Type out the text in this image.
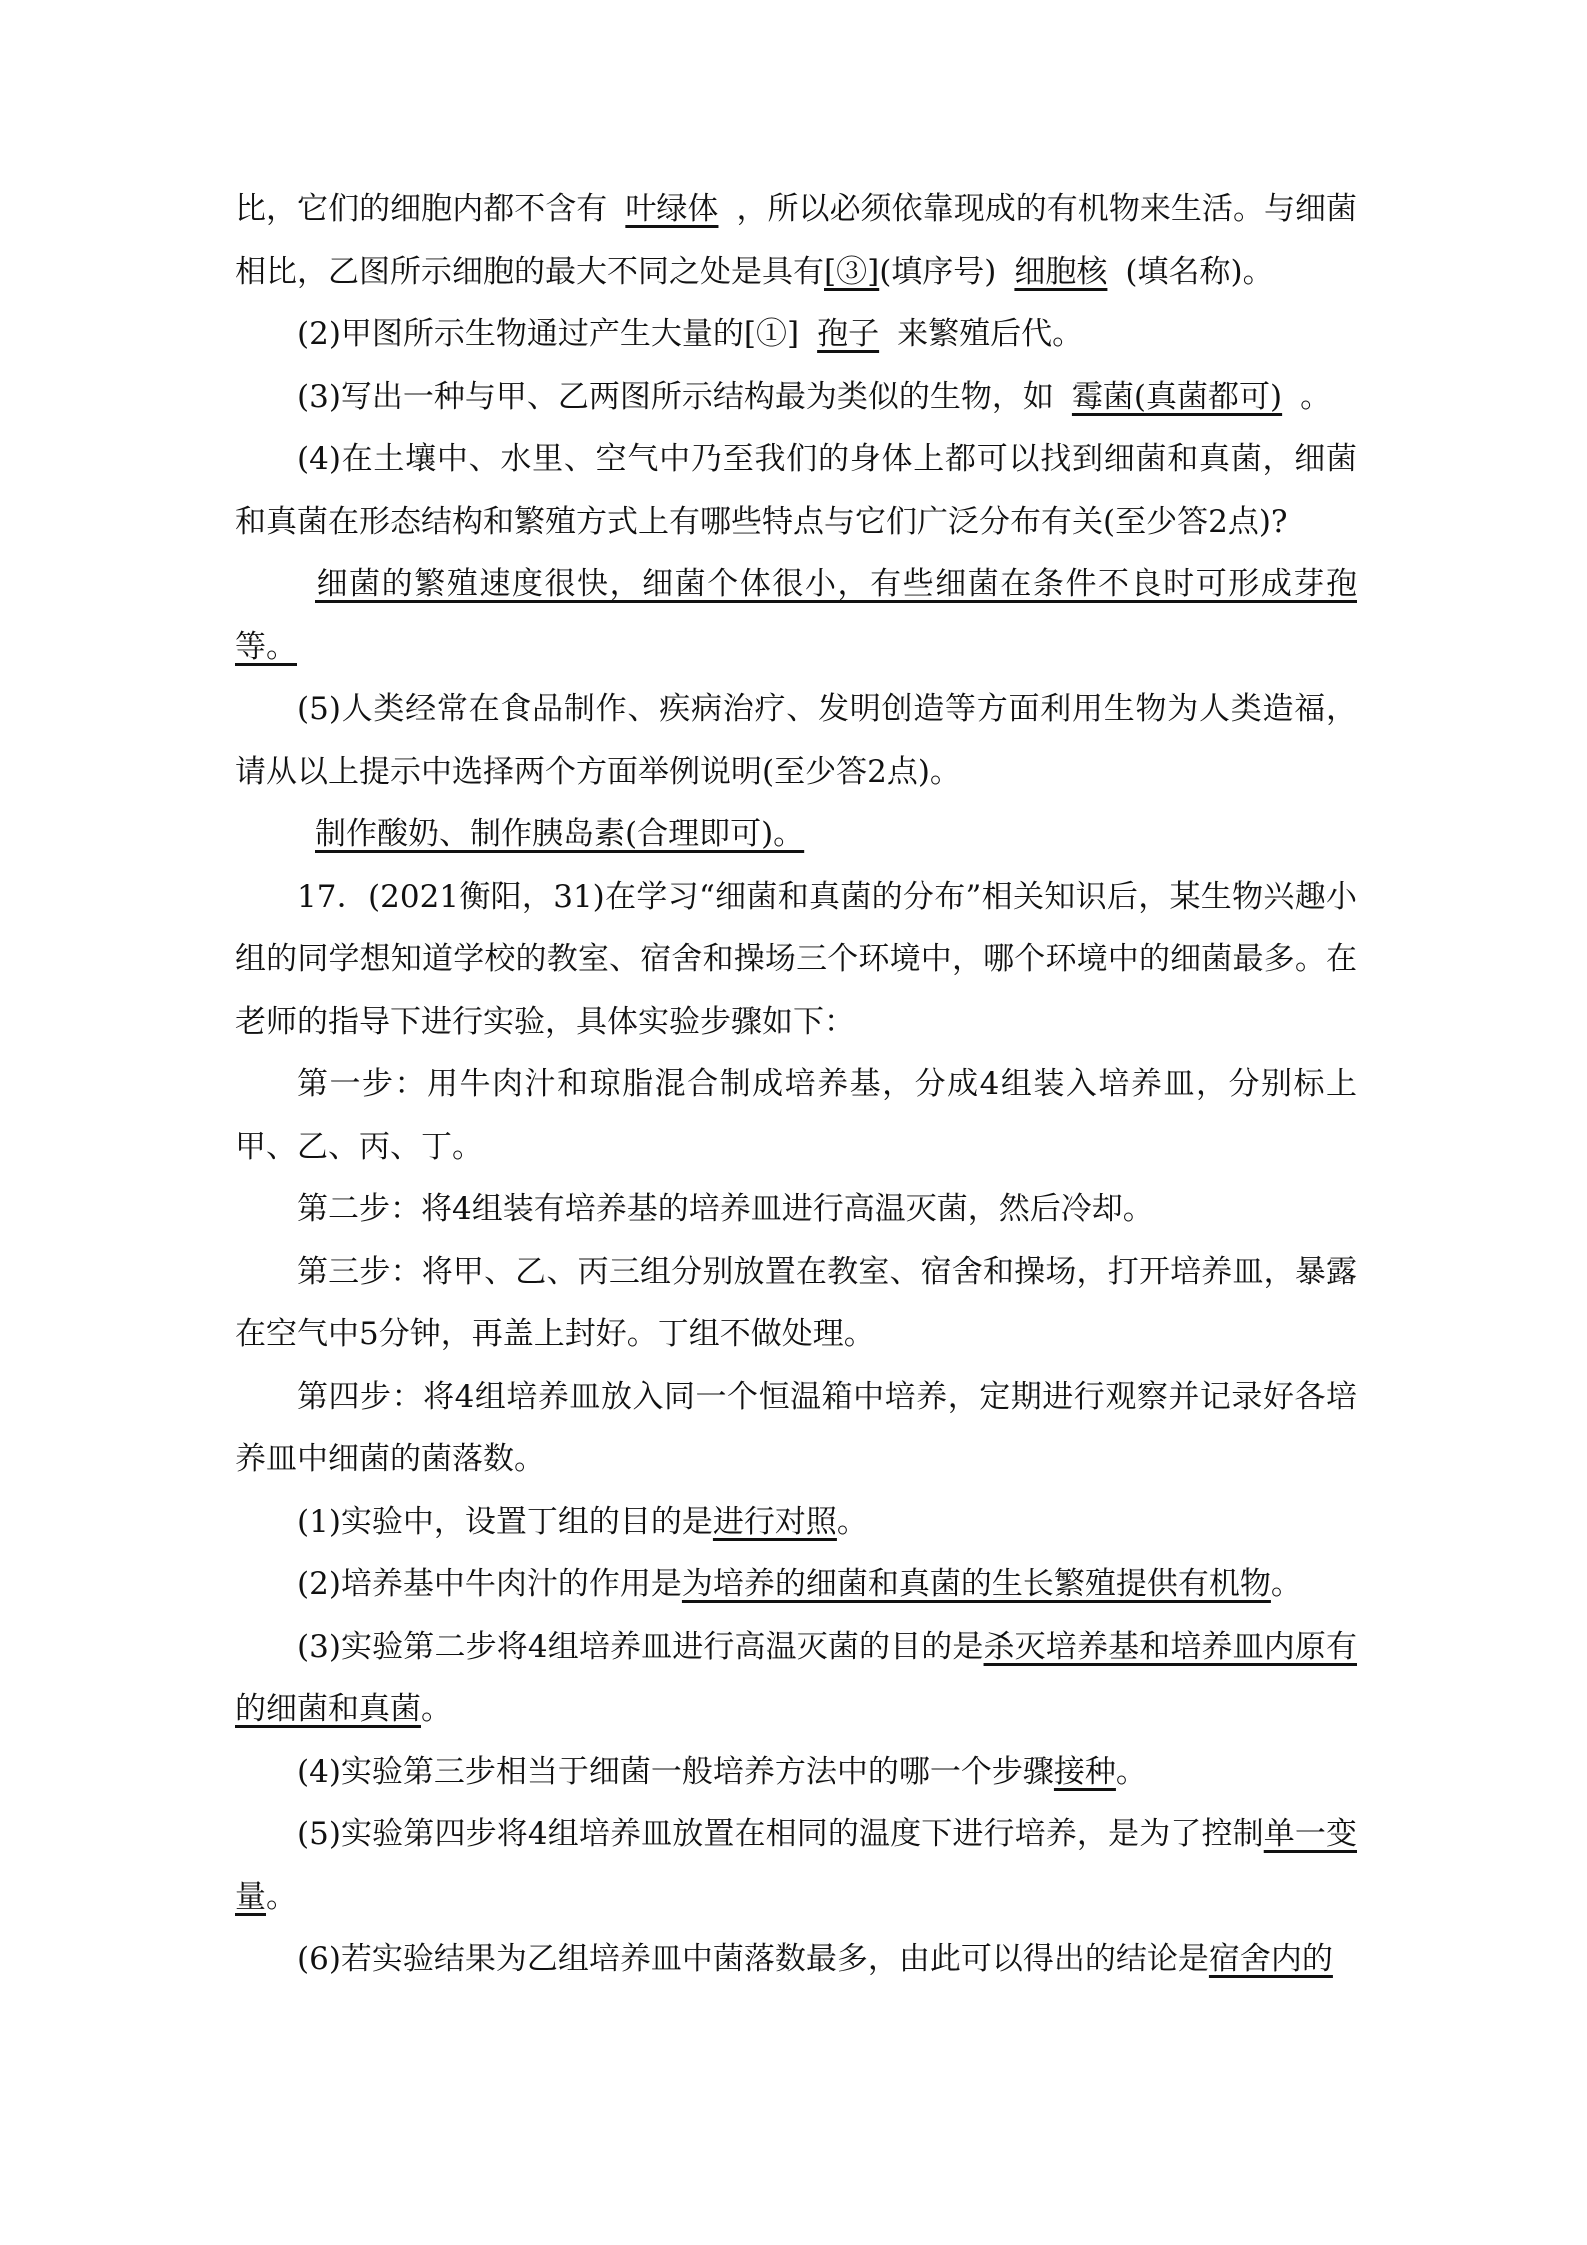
比，它们的细胞内都不含有 叶绿体 ，所以必须依靠现成的有机物来生活。与细菌相比，乙图所示细胞的最大不同之处是具有[③](填序号) 细胞核 (填名称)。

(2)甲图所示生物通过产生大量的[①] 孢子 来繁殖后代。

(3)写出一种与甲、乙两图所示结构最为类似的生物，如 霉菌(真菌都可) 。

(4)在土壤中、水里、空气中乃至我们的身体上都可以找到细菌和真菌，细菌和真菌在形态结构和繁殖方式上有哪些特点与它们广泛分布有关(至少答2点)?

细菌的繁殖速度很快，细菌个体很小，有些细菌在条件不良时可形成芽孢等。

(5)人类经常在食品制作、疾病治疗、发明创造等方面利用生物为人类造福，请从以上提示中选择两个方面举例说明(至少答2点)。

制作酸奶、制作胰岛素(合理即可)。

17．(2021衡阳，31)在学习“细菌和真菌的分布”相关知识后，某生物兴趣小组的同学想知道学校的教室、宿舍和操场三个环境中，哪个环境中的细菌最多。在老师的指导下进行实验，具体实验步骤如下：

第一步：用牛肉汁和琼脂混合制成培养基，分成4组装入培养皿，分别标上甲、乙、丙、丁。

第二步：将4组装有培养基的培养皿进行高温灭菌，然后冷却。

第三步：将甲、乙、丙三组分别放置在教室、宿舍和操场，打开培养皿，暴露在空气中5分钟，再盖上封好。丁组不做处理。

第四步：将4组培养皿放入同一个恒温箱中培养，定期进行观察并记录好各培养皿中细菌的菌落数。

(1)实验中，设置丁组的目的是进行对照。

(2)培养基中牛肉汁的作用是为培养的细菌和真菌的生长繁殖提供有机物。

(3)实验第二步将4组培养皿进行高温灭菌的目的是杀灭培养基和培养皿内原有的细菌和真菌。

(4)实验第三步相当于细菌一般培养方法中的哪一个步骤接种。

(5)实验第四步将4组培养皿放置在相同的温度下进行培养，是为了控制单一变量。

(6)若实验结果为乙组培养皿中菌落数最多，由此可以得出的结论是宿舍内的
